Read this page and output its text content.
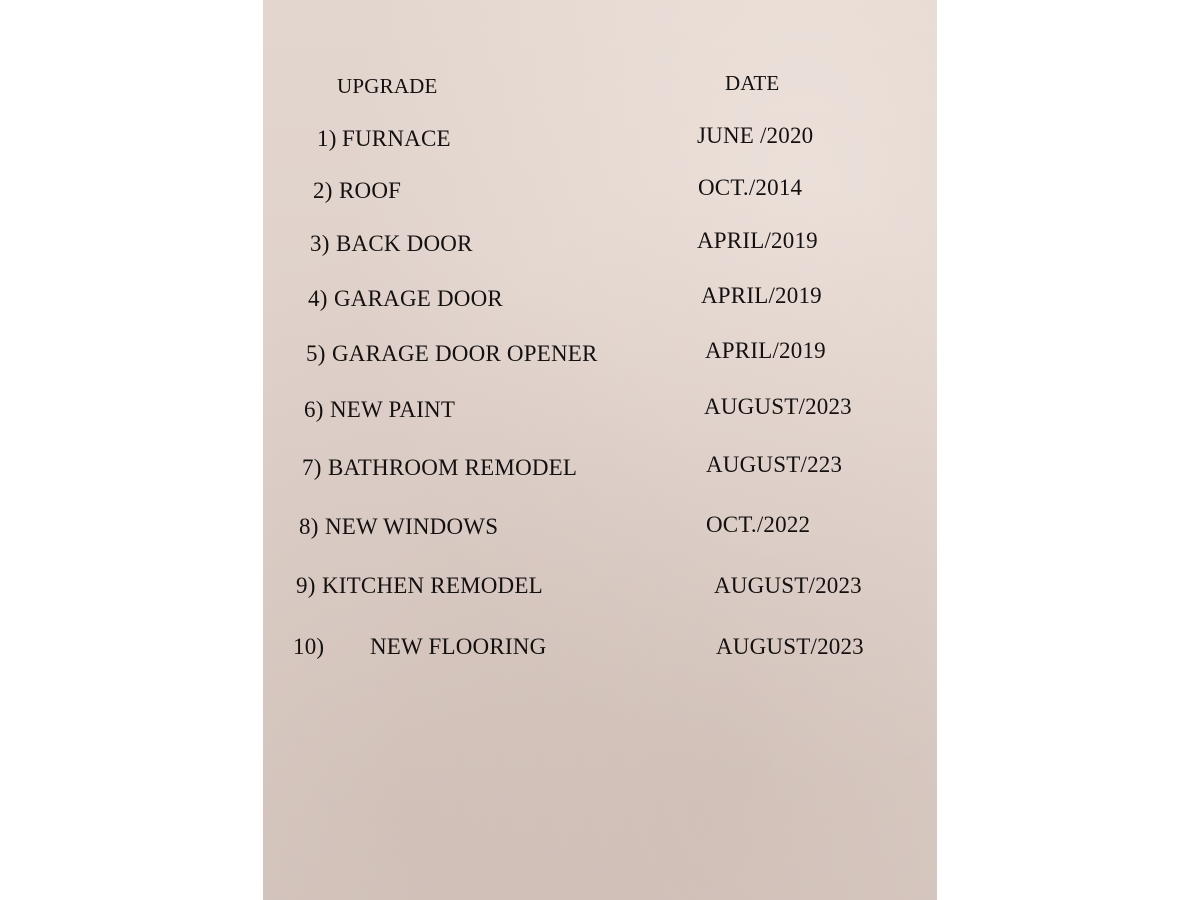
UPGRADE	DATE
1) FURNACE	JUNE /2020
2) ROOF	OCT./2014
3) BACK DOOR	APRIL/2019
4) GARAGE DOOR	APRIL/2019
5) GARAGE DOOR OPENER	APRIL/2019
6) NEW PAINT	AUGUST/2023
7) BATHROOM REMODEL	AUGUST/223
8) NEW WINDOWS	OCT./2022
9) KITCHEN REMODEL	AUGUST/2023
10) NEW FLOORING	AUGUST/2023
